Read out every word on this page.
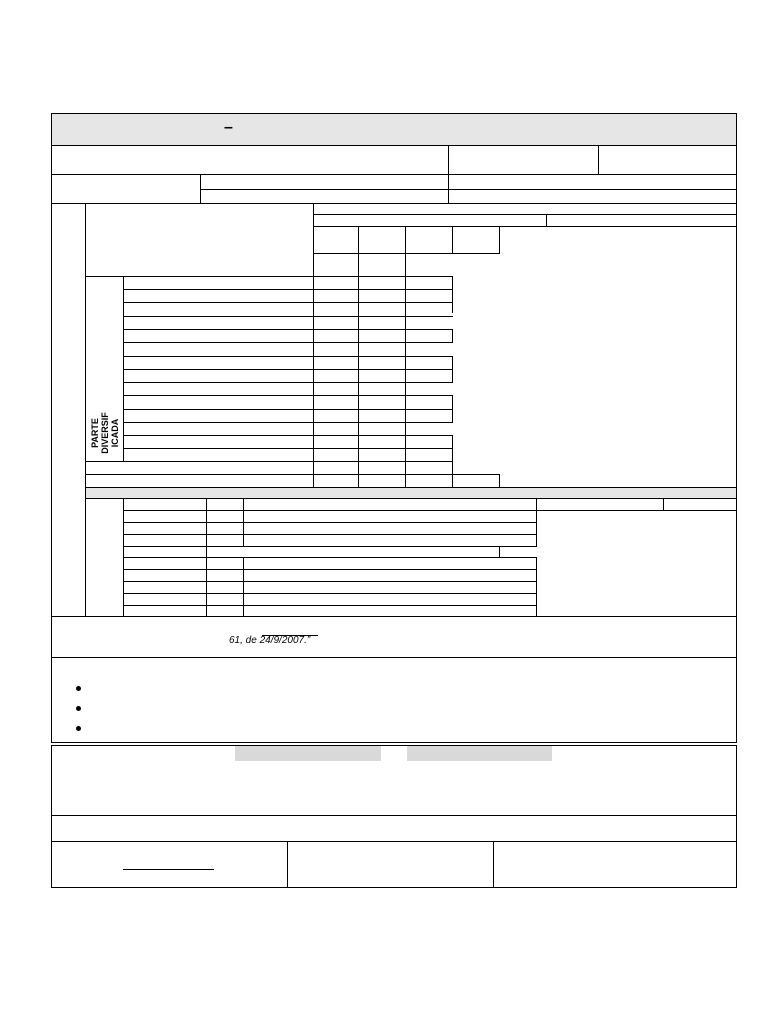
–
PARTE
DIVERSIF
ICADA
61, de 24/9/2007.”
